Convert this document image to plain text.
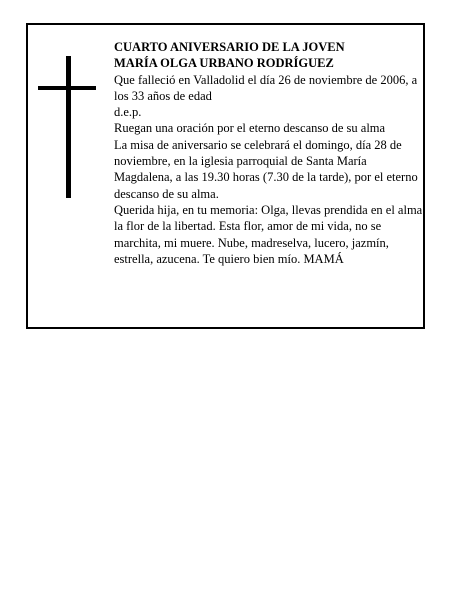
CUARTO ANIVERSARIO DE LA JOVEN

MARÍA OLGA URBANO RODRÍGUEZ

Que falleció en Valladolid el día 26 de noviembre de 2006, a los 33 años de edad

d.e.p.

Ruegan una oración por el eterno descanso de su alma

La misa de aniversario se celebrará el domingo, día 28 de noviembre, en la iglesia parroquial de Santa María Magdalena, a las 19.30 horas (7.30 de la tarde), por el eterno descanso de su alma.

Querida hija, en tu memoria: Olga, llevas prendida en el alma la flor de la libertad. Esta flor, amor de mi vida, no se marchita, mi muere. Nube, madreselva, lucero, jazmín, estrella, azucena. Te quiero bien mío. MAMÁ
